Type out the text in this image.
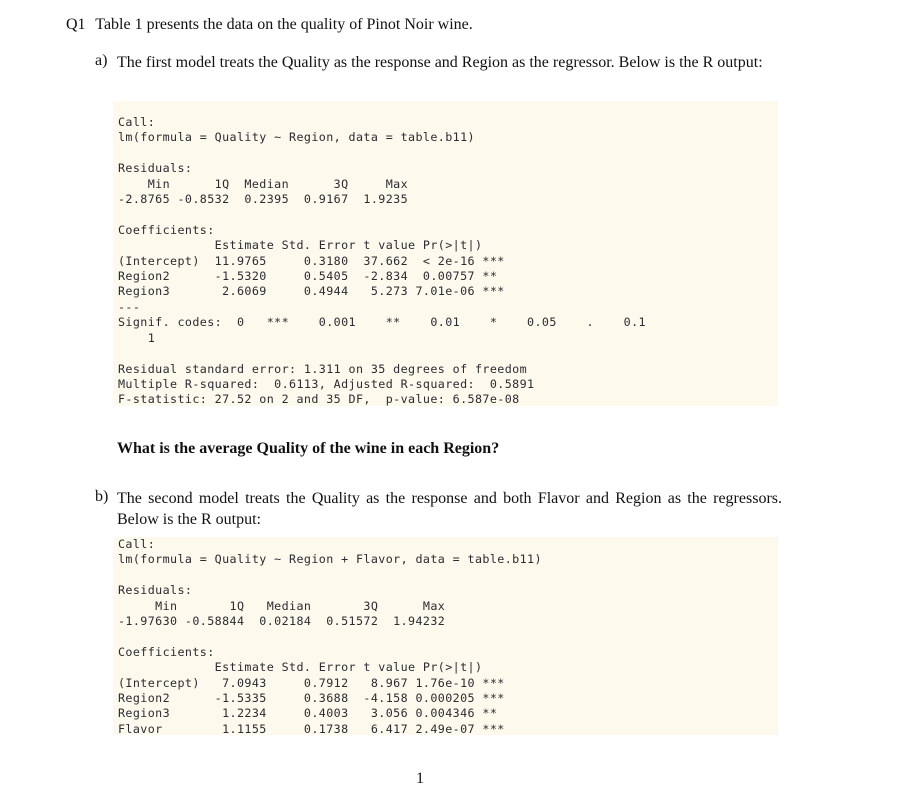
Q1 Table 1 presents the data on the quality of Pinot Noir wine.
a) The first model treats the Quality as the response and Region as the regressor. Below is the R output:
Call:
lm(formula = Quality ~ Region, data = table.b11)

Residuals:
Min      1Q  Median      3Q     Max
-2.8765 -0.8532  0.2395  0.9167  1.9235

Coefficients:
Estimate Std. Error t value Pr(>|t|)
(Intercept)  11.9765     0.3180  37.662  < 2e-16 ***
Region2      -1.5320     0.5405  -2.834  0.00757 **
Region3       2.6069     0.4944   5.273 7.01e-06 ***
---
Signif. codes:  0   ***    0.001    **    0.01    *    0.05    .    0.1
1

Residual standard error: 1.311 on 35 degrees of freedom
Multiple R-squared:  0.6113, Adjusted R-squared:  0.5891
F-statistic: 27.52 on 2 and 35 DF,  p-value: 6.587e-08
What is the average Quality of the wine in each Region?
b) The second model treats the Quality as the response and both Flavor and Region as the regressors. Below is the R output:
Call:
lm(formula = Quality ~ Region + Flavor, data = table.b11)

Residuals:
Min       1Q   Median       3Q      Max
-1.97630 -0.58844  0.02184  0.51572  1.94232

Coefficients:
Estimate Std. Error t value Pr(>|t|)
(Intercept)   7.0943     0.7912   8.967 1.76e-10 ***
Region2      -1.5335     0.3688  -4.158 0.000205 ***
Region3       1.2234     0.4003   3.056 0.004346 **
Flavor        1.1155     0.1738   6.417 2.49e-07 ***
1
